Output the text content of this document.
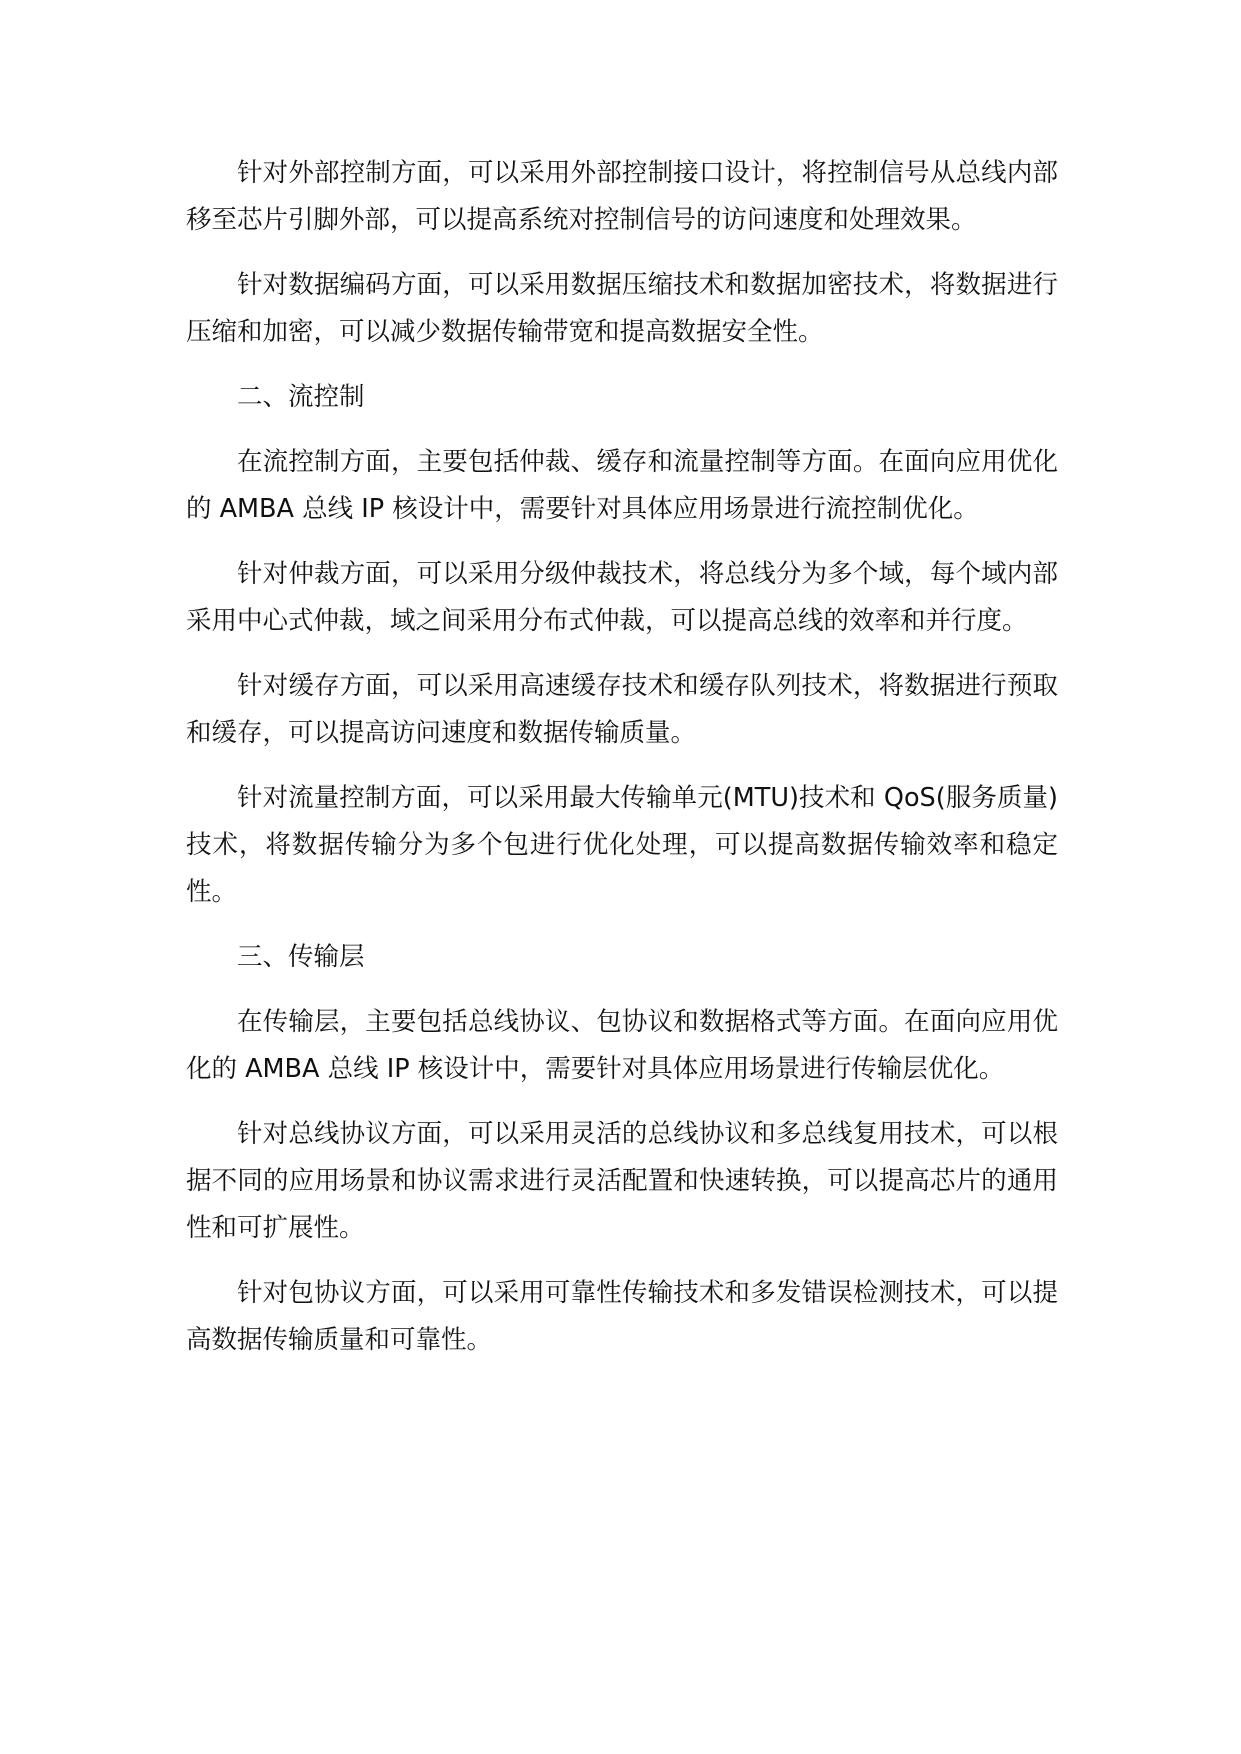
针对外部控制方面，可以采用外部控制接口设计，将控制信号从总线内部移至芯片引脚外部，可以提高系统对控制信号的访问速度和处理效果。

针对数据编码方面，可以采用数据压缩技术和数据加密技术，将数据进行压缩和加密，可以减少数据传输带宽和提高数据安全性。

二、流控制

在流控制方面，主要包括仲裁、缓存和流量控制等方面。在面向应用优化的 AMBA 总线 IP 核设计中，需要针对具体应用场景进行流控制优化。

针对仲裁方面，可以采用分级仲裁技术，将总线分为多个域，每个域内部采用中心式仲裁，域之间采用分布式仲裁，可以提高总线的效率和并行度。

针对缓存方面，可以采用高速缓存技术和缓存队列技术，将数据进行预取和缓存，可以提高访问速度和数据传输质量。

针对流量控制方面，可以采用最大传输单元(MTU)技术和 QoS(服务质量)技术，将数据传输分为多个包进行优化处理，可以提高数据传输效率和稳定性。

三、传输层

在传输层，主要包括总线协议、包协议和数据格式等方面。在面向应用优化的 AMBA 总线 IP 核设计中，需要针对具体应用场景进行传输层优化。

针对总线协议方面，可以采用灵活的总线协议和多总线复用技术，可以根据不同的应用场景和协议需求进行灵活配置和快速转换，可以提高芯片的通用性和可扩展性。

针对包协议方面，可以采用可靠性传输技术和多发错误检测技术，可以提高数据传输质量和可靠性。
